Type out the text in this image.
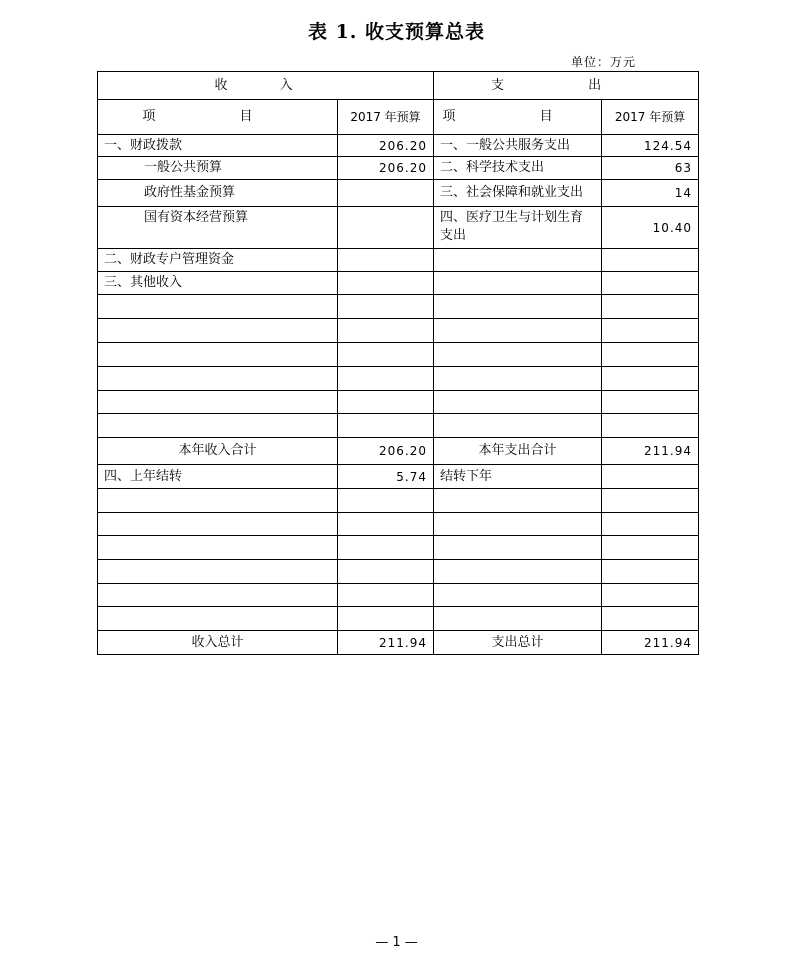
表 1. 收支预算总表
单位：万元
收 入		支 出	
项 目	2017 年预算	项 目	2017 年预算
一、财政拨款	206.20	一、一般公共服务支出	124.54
一般公共预算	206.20	二、科学技术支出	63
政府性基金预算		三、社会保障和就业支出	14
国有资本经营预算		四、医疗卫生与计划生育支出	10.40
二、财政专户管理资金			
三、其他收入			

本年收入合计	206.20	本年支出合计	211.94
四、上年结转	5.74	结转下年	

收入总计	211.94	支出总计	211.94
— 1 —
